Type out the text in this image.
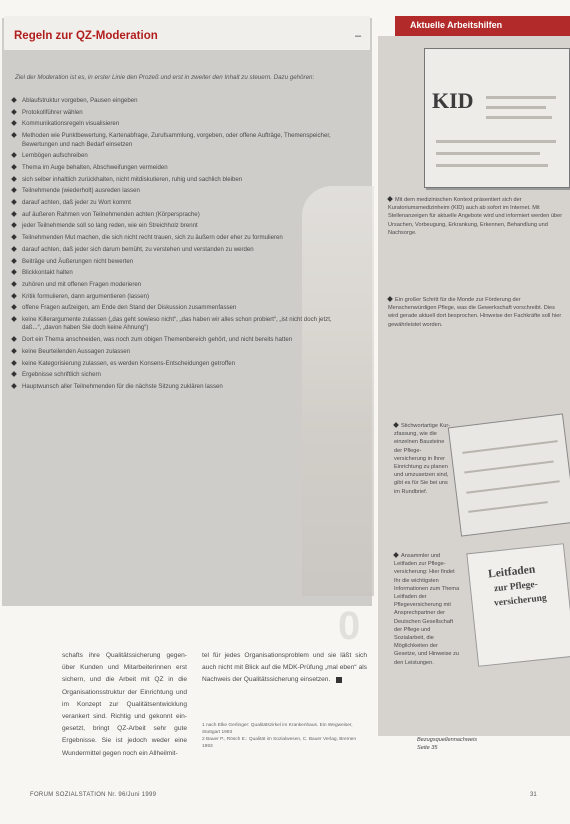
Regeln zur QZ-Moderation	–
Ziel der Moderation ist es, in erster Linie den Prozeß und erst in zweiter den Inhalt zu steuern. Dazu gehören:
Ablaufstruktur vorgeben, Pausen eingeben
Protokollführer wählen
Kommunikationsregeln visualisieren
Methoden wie Punktbewertung, Kartenabfrage, Zurufsammlung, vorgeben, oder offene Aufträge, Themenspeicher, Bewertungen und nach Bedarf einsetzen
Lernbögen aufschreiben
Thema im Auge behalten, Abschweifungen vermeiden
sich selber inhaltlich zurückhalten, nicht mitdiskutieren, ruhig und sachlich bleiben
Teilnehmende (wiederholt) ausreden lassen
darauf achten, daß jeder zu Wort kommt
auf äußeren Rahmen von Teilnehmenden achten (Körpersprache)
jeder Teilnehmende soll so lang reden, wie ein Streichholz brennt
Teilnehmenden Mut machen, die sich nicht recht trauen, sich zu äußern oder eher zu formulieren
darauf achten, daß jeder sich darum bemüht, zu verstehen und verstanden zu werden
Beiträge und Äußerungen nicht bewerten
Blickkontakt halten
zuhören und mit offenen Fragen moderieren
Kritik formulieren, dann argumentieren (lassen)
offene Fragen aufzeigen, am Ende den Stand der Diskussion zusammenfassen
keine Killerargumente zulassen („das geht sowieso nicht“, „das haben wir alles schon probiert“, „ist nicht doch jetzt, daß...“, „davon haben Sie doch keine Ahnung“)
Dort ein Thema anschneiden, was noch zum obigen Themenbereich gehört, und nicht bereits hatten
keine Beurteilenden Aussagen zulassen
keine Kategorisierung zulassen, es werden Konsens-Entscheidungen getroffen
Ergebnisse schriftlich sichern
Hauptwunsch aller Teilnehmenden für die nächste Sitzung zuklären lassen
0
schafts ihre Qualitätssicherung gegen- über Kunden und Mitarbeiterinnen erst sichern, und die Arbeit mit QZ in die Organisationsstruktur der Einrichtung und im Konzept zur Qualitätsentwicklung verankert sind. Richtig und gekonnt ein- gesetzt, bringt QZ-Arbeit sehr gute Ergebnisse. Sie ist jedoch weder eine Wundermittel gegen noch ein Allheilmit-
tel für jedes Organisationsproblem und sie läßt sich auch nicht mit Blick auf die MDK-Prüfung „mal eben“ als Nachweis der Qualitätssicherung einsetzen.
1 nach Elke Gerlinger: Qualitätszirkel im Krankenhaus. Ein Wegweiser, Stuttgart 1993
2 Bauer P., Rösch E.: Qualität im Sozialwesen, C. Bauer Verlag, Bremen 1993
FORUM SOZIALSTATION Nr. 96/Juni 1999	31
Aktuelle Arbeitshilfen
KID
Mit dem medizinischen Kontext präsentiert sich der Kuratoriumsmedizinheim (KID) auch ab sofort im Internet. Mit Stellenanzeigen für aktuelle Angebote wird und informiert werden über Ursachen, Vorbeugung, Erkrankung, Erkennen, Behandlung und Nachsorge.
Ein großer Schritt für die Monde zur Förderung der Menschenwürdigen Pflege, was die Gewerkschaft vorschreibt. Dies wird gerade aktuell dort besprochen. Hinweise der Fachkräfte soll hier gewährleistet worden.
Stichwortartige Kur- zfassung, wie die einzelnen Bausteine der Pflege- versicherung in Ihrer Einrichtung zu planen und umzusetzen sind, gibt es für Sie bei uns im Rundbrief.
Leitfaden
zur Pflege-
versicherung
Ansammler und Leitfaden zur Pflege- versicherung: Hier findet Ihr die wichtigsten Informationen zum Thema Leitfaden der Pflegeversicherung mit Ansprechpartner der Deutschen Gesellschaft der Pflege und Sozialarbeit, die Möglichkeiten der Gesetze, und Hinweise zu den Leistungen.
Bezugsquellennachweis
Seite 35
